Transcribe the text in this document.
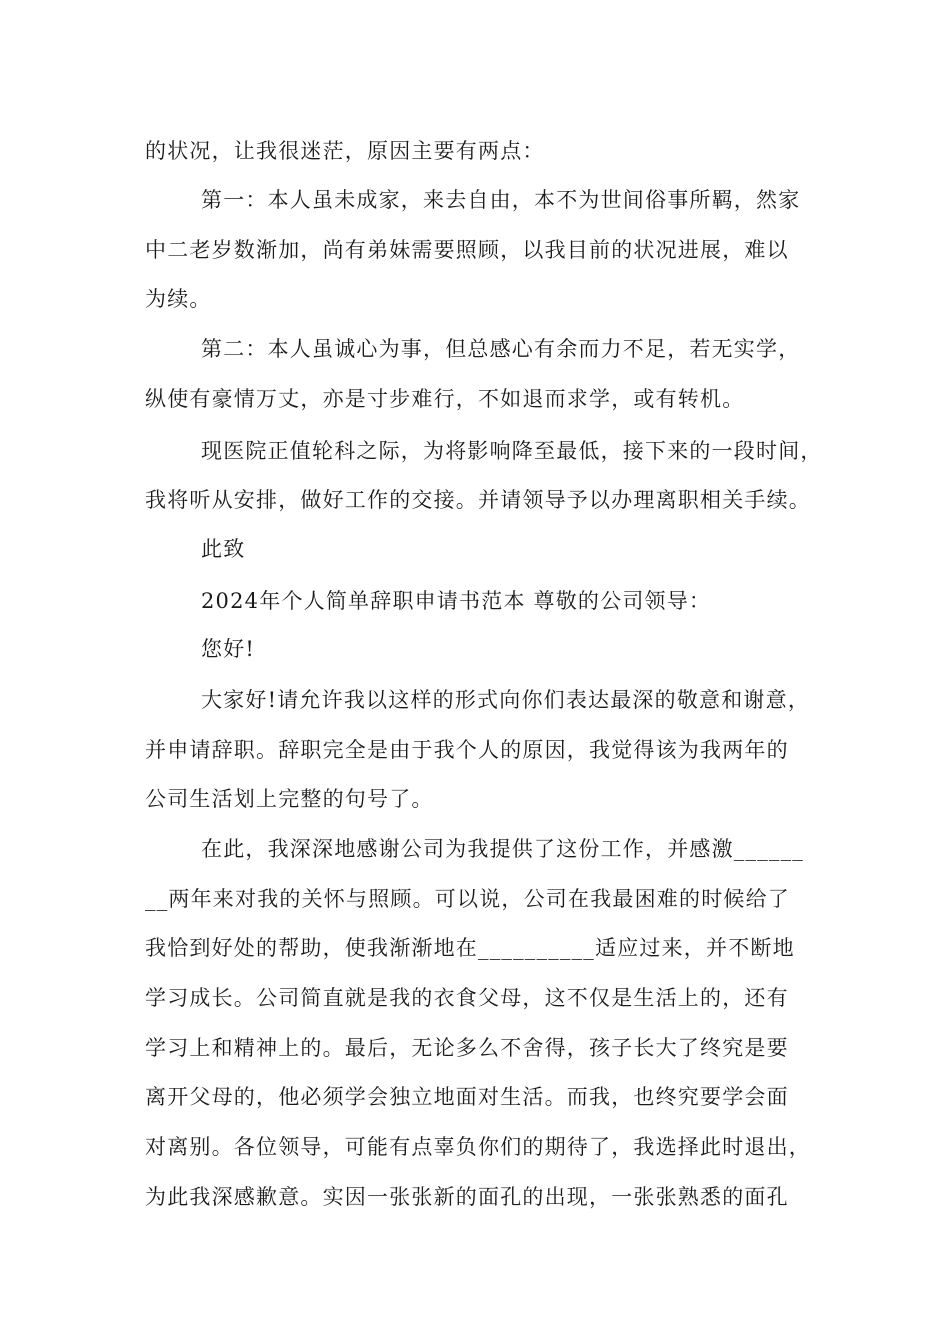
的状况，让我很迷茫，原因主要有两点：
第一：本人虽未成家，来去自由，本不为世间俗事所羁，然家
中二老岁数渐加，尚有弟妹需要照顾，以我目前的状况进展，难以
为续。
第二：本人虽诚心为事，但总感心有余而力不足，若无实学，
纵使有豪情万丈，亦是寸步难行，不如退而求学，或有转机。
现医院正值轮科之际，为将影响降至最低，接下来的一段时间，
我将听从安排，做好工作的交接。并请领导予以办理离职相关手续。
此致
2024年个人简单辞职申请书范本 尊敬的公司领导：
您好!
大家好!请允许我以这样的形式向你们表达最深的敬意和谢意，
并申请辞职。辞职完全是由于我个人的原因，我觉得该为我两年的
公司生活划上完整的句号了。
在此，我深深地感谢公司为我提供了这份工作，并感激______
__两年来对我的关怀与照顾。可以说，公司在我最困难的时候给了
我恰到好处的帮助，使我渐渐地在__________适应过来，并不断地
学习成长。公司简直就是我的衣食父母，这不仅是生活上的，还有
学习上和精神上的。最后，无论多么不舍得，孩子长大了终究是要
离开父母的，他必须学会独立地面对生活。而我，也终究要学会面
对离别。各位领导，可能有点辜负你们的期待了，我选择此时退出，
为此我深感歉意。实因一张张新的面孔的出现，一张张熟悉的面孔
